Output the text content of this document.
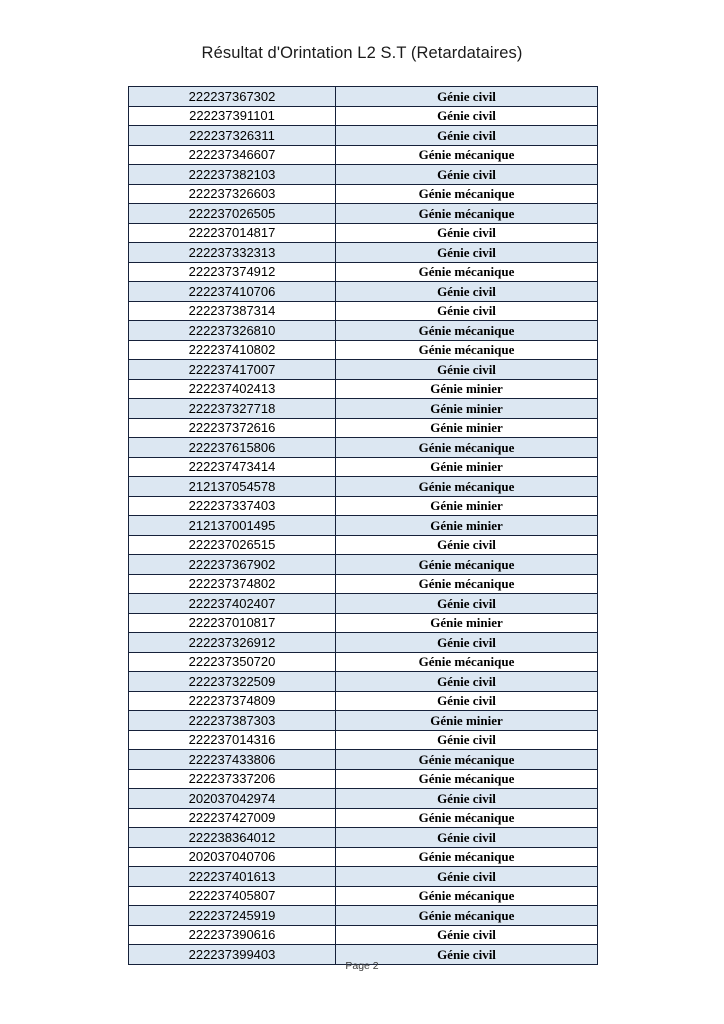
Résultat d'Orintation L2 S.T (Retardataires)
222237367302	Génie civil
222237391101	Génie civil
222237326311	Génie civil
222237346607	Génie mécanique
222237382103	Génie civil
222237326603	Génie mécanique
222237026505	Génie mécanique
222237014817	Génie civil
222237332313	Génie civil
222237374912	Génie mécanique
222237410706	Génie civil
222237387314	Génie civil
222237326810	Génie mécanique
222237410802	Génie mécanique
222237417007	Génie civil
222237402413	Génie minier
222237327718	Génie minier
222237372616	Génie minier
222237615806	Génie mécanique
222237473414	Génie minier
212137054578	Génie mécanique
222237337403	Génie minier
212137001495	Génie minier
222237026515	Génie civil
222237367902	Génie mécanique
222237374802	Génie mécanique
222237402407	Génie civil
222237010817	Génie minier
222237326912	Génie civil
222237350720	Génie mécanique
222237322509	Génie civil
222237374809	Génie civil
222237387303	Génie minier
222237014316	Génie civil
222237433806	Génie mécanique
222237337206	Génie mécanique
202037042974	Génie civil
222237427009	Génie mécanique
222238364012	Génie civil
202037040706	Génie mécanique
222237401613	Génie civil
222237405807	Génie mécanique
222237245919	Génie mécanique
222237390616	Génie civil
222237399403	Génie civil
Page 2
